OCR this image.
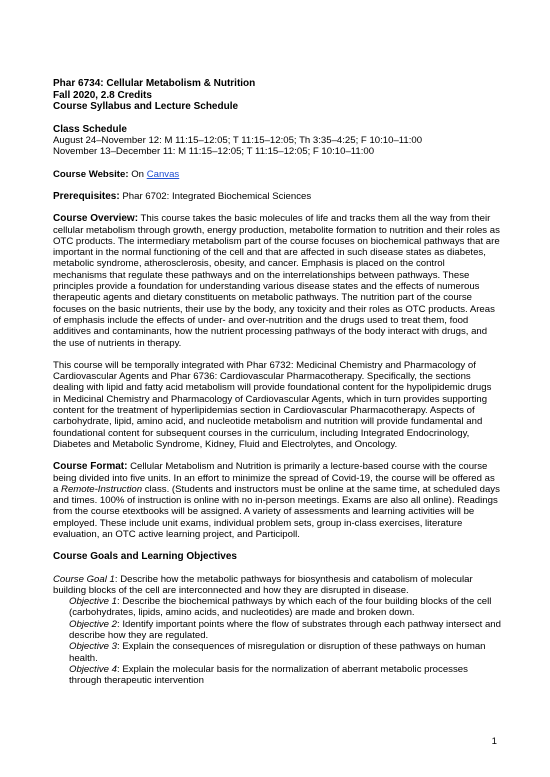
Phar 6734: Cellular Metabolism & Nutrition
Fall 2020, 2.8 Credits
Course Syllabus and Lecture Schedule
Class Schedule
August 24–November 12: M 11:15–12:05; T 11:15–12:05; Th 3:35–4:25; F 10:10–11:00
November 13–December 11: M 11:15–12:05; T 11:15–12:05; F 10:10–11:00

Course Website: On Canvas

Prerequisites: Phar 6702: Integrated Biochemical Sciences

Course Overview: This course takes the basic molecules of life and tracks them all the way from their cellular metabolism through growth, energy production, metabolite formation to nutrition and their roles as OTC products. The intermediary metabolism part of the course focuses on biochemical pathways that are important in the normal functioning of the cell and that are affected in such disease states as diabetes, metabolic syndrome, atherosclerosis, obesity, and cancer. Emphasis is placed on the control mechanisms that regulate these pathways and on the interrelationships between pathways. These principles provide a foundation for understanding various disease states and the effects of numerous therapeutic agents and dietary constituents on metabolic pathways. The nutrition part of the course focuses on the basic nutrients, their use by the body, any toxicity and their roles as OTC products. Areas of emphasis include the effects of under- and over-nutrition and the drugs used to treat them, food additives and contaminants, how the nutrient processing pathways of the body interact with drugs, and the use of nutrients in therapy.

This course will be temporally integrated with Phar 6732: Medicinal Chemistry and Pharmacology of Cardiovascular Agents and Phar 6736: Cardiovascular Pharmacotherapy. Specifically, the sections dealing with lipid and fatty acid metabolism will provide foundational content for the hypolipidemic drugs in Medicinal Chemistry and Pharmacology of Cardiovascular Agents, which in turn provides supporting content for the treatment of hyperlipidemias section in Cardiovascular Pharmacotherapy. Aspects of carbohydrate, lipid, amino acid, and nucleotide metabolism and nutrition will provide fundamental and foundational content for subsequent courses in the curriculum, including Integrated Endocrinology, Diabetes and Metabolic Syndrome, Kidney, Fluid and Electrolytes, and Oncology.

Course Format: Cellular Metabolism and Nutrition is primarily a lecture-based course with the course being divided into five units. In an effort to minimize the spread of Covid-19, the course will be offered as a Remote-Instruction class. (Students and instructors must be online at the same time, at scheduled days and times. 100% of instruction is online with no in-person meetings. Exams are also all online). Readings from the course etextbooks will be assigned. A variety of assessments and learning activities will be employed. These include unit exams, individual problem sets, group in-class exercises, literature evaluation, an OTC active learning project, and Participoll.

Course Goals and Learning Objectives

Course Goal 1: Describe how the metabolic pathways for biosynthesis and catabolism of molecular building blocks of the cell are interconnected and how they are disrupted in disease.

Objective 1: Describe the biochemical pathways by which each of the four building blocks of the cell (carbohydrates, lipids, amino acids, and nucleotides) are made and broken down.

Objective 2: Identify important points where the flow of substrates through each pathway intersect and describe how they are regulated.

Objective 3: Explain the consequences of misregulation or disruption of these pathways on human health.

Objective 4: Explain the molecular basis for the normalization of aberrant metabolic processes through therapeutic intervention

1
